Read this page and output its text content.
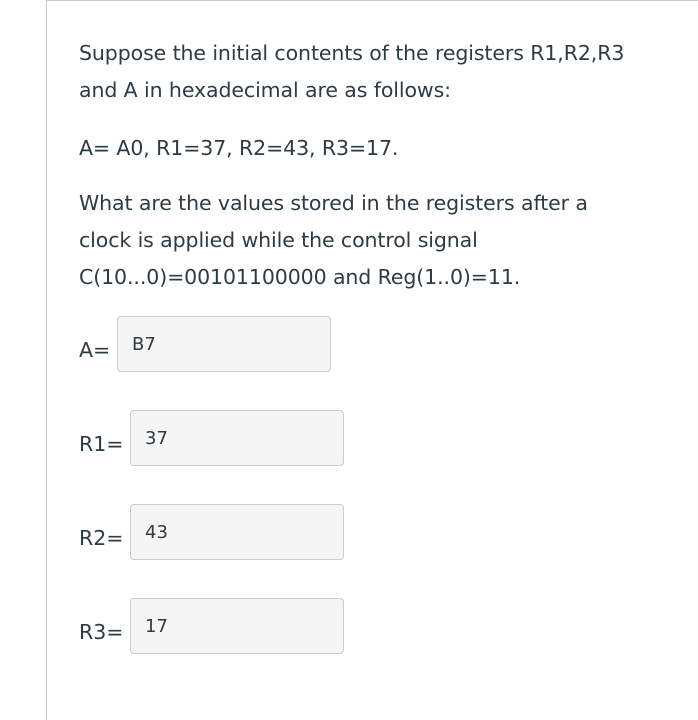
Suppose the initial contents of the registers R1,R2,R3
and A in hexadecimal are as follows:

A= A0, R1=37, R2=43, R3=17.

What are the values stored in the registers after a
clock is applied while the control signal
C(10...0)=00101100000 and Reg(1..0)=11.

A= B7
R1= 37
R2= 43
R3= 17
